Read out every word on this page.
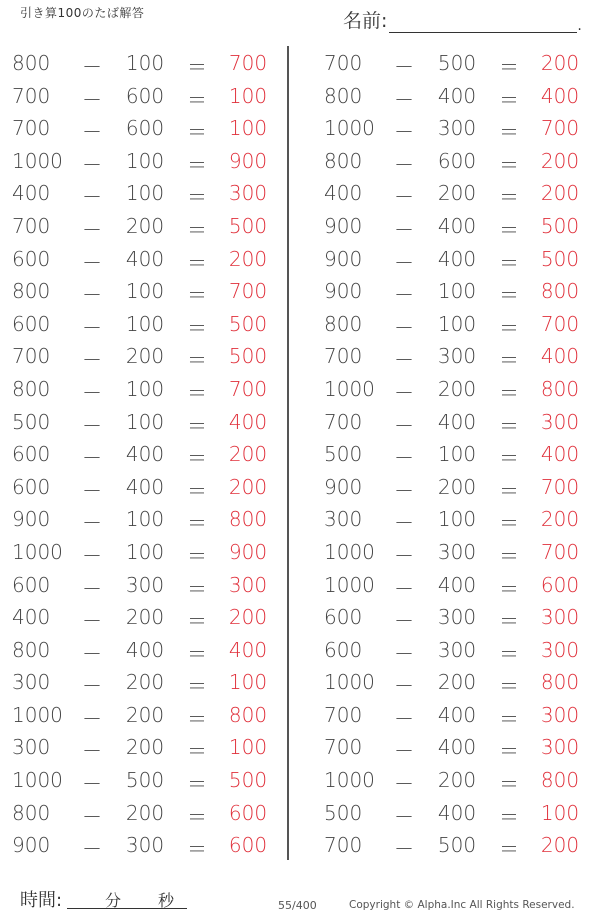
引き算100のたば解答	名前:	.
800	－ 100 ＝	700
700	－ 600 ＝	100
700	－ 600 ＝	100
1000 － 100 ＝	900
400	－ 100 ＝	300
700	－ 200 ＝	500
600	－ 400 ＝	200
800	－ 100 ＝	700
600	－ 100 ＝	500
700	－ 200 ＝	500
800	－ 100 ＝	700
500	－ 100 ＝	400
600	－ 400 ＝	200
600	－ 400 ＝	200
900	－ 100 ＝	800
1000 － 100 ＝	900
600	－ 300 ＝	300
400	－ 200 ＝	200
800	－ 400 ＝	400
300	－ 200 ＝	100
1000 － 200 ＝	800
300	－ 200 ＝	100
1000 － 500 ＝	500
800	－ 200 ＝	600
900	－ 300 ＝	600
700	－ 500 ＝	200
800	－ 400 ＝	400
1000 － 300 ＝	700
800	－ 600 ＝	200
400	－ 200 ＝	200
900	－ 400 ＝	500
900	－ 400 ＝	500
900	－ 100 ＝	800
800	－ 100 ＝	700
700	－ 300 ＝	400
1000 － 200 ＝	800
700	－ 400 ＝	300
500	－ 100 ＝	400
900	－ 200 ＝	700
300	－ 100 ＝	200
1000 － 300 ＝	700
1000 － 400 ＝	600
600	－ 300 ＝	300
600	－ 300 ＝	300
1000 － 200 ＝	800
700	－ 400 ＝	300
700	－ 400 ＝	300
1000 － 200 ＝	800
500	－ 400 ＝	100
700	－ 500 ＝	200
時間:	分 秒	55/400	Copyright © Alpha.Inc All Rights Reserved.
